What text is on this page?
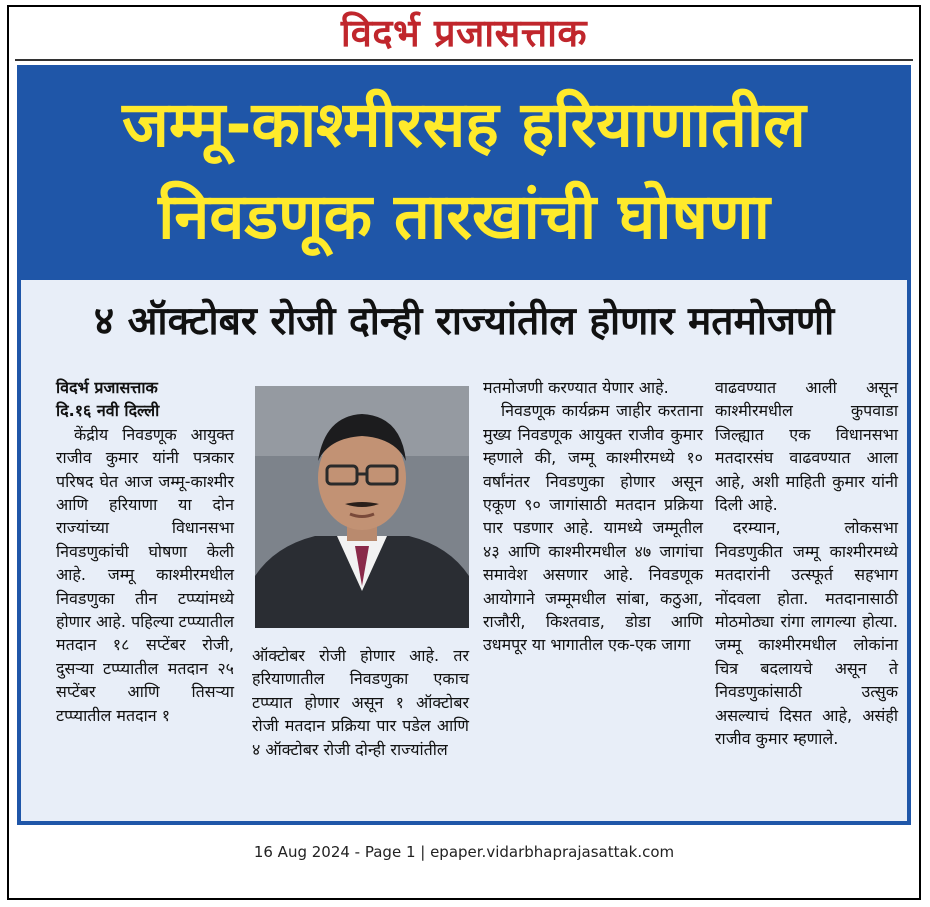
विदर्भ प्रजासत्ताक
जम्मू-काश्मीरसह हरियाणातील
निवडणूक तारखांची घोषणा
४ ऑक्टोबर रोजी दोन्ही राज्यांतील होणार मतमोजणी
विदर्भ प्रजासत्ताक
दि.१६ नवी दिल्ली
केंद्रीय निवडणूक आयुक्त राजीव कुमार यांनी पत्रकार परिषद घेत आज जम्मू-काश्मीर आणि हरियाणा या दोन राज्यांच्या विधानसभा निवडणुकांची घोषणा केली आहे. जम्मू काश्मीरमधील निवडणुका तीन टप्प्यांमध्ये होणार आहे. पहिल्या टप्प्यातील मतदान १८ सप्टेंबर रोजी, दुसऱ्या टप्प्यातील मतदान २५ सप्टेंबर आणि तिसऱ्या टप्प्यातील मतदान १
ऑक्टोबर रोजी होणार आहे. तर हरियाणातील निवडणुका एकाच टप्प्यात होणार असून १ ऑक्टोबर रोजी मतदान प्रक्रिया पार पडेल आणि ४ ऑक्टोबर रोजी दोन्ही राज्यांतील
मतमोजणी करण्यात येणार आहे.
निवडणूक कार्यक्रम जाहीर करताना मुख्य निवडणूक आयुक्त राजीव कुमार म्हणाले की, जम्मू काश्मीरमध्ये १० वर्षांनंतर निवडणुका होणार असून एकूण ९० जागांसाठी मतदान प्रक्रिया पार पडणार आहे. यामध्ये जम्मूतील ४३ आणि काश्मीरमधील ४७ जागांचा समावेश असणार आहे. निवडणूक आयोगाने जम्मूमधील सांबा, कठुआ, राजौरी, किश्तवाड, डोडा आणि उधमपूर या भागातील एक-एक जागा
वाढवण्यात आली असून काश्मीरमधील कुपवाडा जिल्ह्यात एक विधानसभा मतदारसंघ वाढवण्यात आला आहे, अशी माहिती कुमार यांनी दिली आहे.
दरम्यान, लोकसभा निवडणुकीत जम्मू काश्मीरमध्ये मतदारांनी उत्स्फूर्त सहभाग नोंदवला होता. मतदानासाठी मोठमोठ्या रांगा लागल्या होत्या. जम्मू काश्मीरमधील लोकांना चित्र बदलायचे असून ते निवडणुकांसाठी उत्सुक असल्याचं दिसत आहे, असंही राजीव कुमार म्हणाले.
16 Aug 2024 - Page 1 | epaper.vidarbhaprajasattak.com
